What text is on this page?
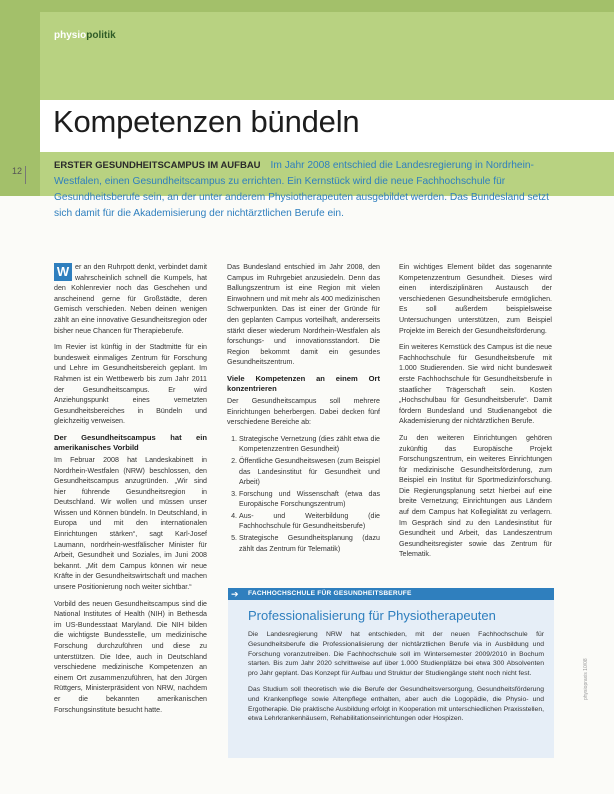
physiopolitik
Kompetenzen bündeln
12	ERSTER GESUNDHEITSCAMPUS IM AUFBAU Im Jahr 2008 entschied die Landesregierung in Nordrhein-Westfalen, einen Gesundheitscampus zu errichten. Ein Kernstück wird die neue Fachhochschule für Gesundheitsberufe sein, an der unter anderem Physiotherapeuten ausgebildet werden. Das Bundesland setzt sich damit für die Akademisierung der nichtärztlichen Berufe ein.

W er an den Ruhrpott denkt, verbindet damit wahrscheinlich schnell die Kumpels, hat den Kohlenrevier noch das Geschehen und anscheinend gerne für Großstädte, deren Gemisch verschieden. Neben deinen wenigen zählt an eine innovative Gesundheitsregion oder bisher neue Chancen für Therapieberufe.

Im Revier ist künftig in der Stadtmitte für ein bundesweit einmaliges Zentrum für Forschung und Lehre im Gesundheitsbereich geplant. Im Rahmen ist ein Wettbewerb bis zum Jahr 2011 der Gesundheitscampus. Er wird Anziehungspunkt eines vernetzten Gesundheitsbereiches in Bündeln und gleichzeitig verweisen.

Der Gesundheitscampus hat ein amerikanisches Vorbild

Im Februar 2008 hat Landeskabinett in Nordrhein-Westfalen (NRW) beschlossen, den Gesundheitscampus anzugründen. „Wir sind hier führende Gesundheitsregion in Deutschland. Wir wollen und müssen unser Wissen und Können bündeln. In Deutschland, in Europa und mit den internationalen Einrichtungen stärken“, sagt Karl-Josef Laumann, nordrhein-westfälischer Minister für Arbeit, Gesundheit und Soziales, im Juni 2008 bekannt. „Mit dem Campus können wir neue Kräfte in der Gesundheitswirtschaft und machen unsere Positionierung noch weiter sichtbar.“

Vorbild des neuen Gesundheitscampus sind die National Institutes of Health (NIH) in Bethesda im US-Bundesstaat Maryland. Die NIH bilden die wichtigste Bundesstelle, um medizinische Forschung durchzuführen und diese zu unterstützen. Die Idee, auch in Deutschland verschiedene medizinische Kompetenzen an einem Ort zusammenzuführen, hat den Jürgen Rüttgers, Ministerpräsident von NRW, nachdem er die bekannten amerikanischen Forschungsinstitute besucht hatte.

Das Bundesland entschied im Jahr 2008, den Campus im Ruhrgebiet anzusiedeln. Denn das Ballungszentrum ist eine Region mit vielen Einwohnern und mit mehr als 400 medizinischen Schwerpunkten. Das ist einer der Gründe für den geplanten Campus vorteilhaft, andererseits stärkt dieser wiederum Nordrhein-Westfalen als forschungs- und innovationsstandort. Die Region bekommt damit ein gesundes Gesundheitszentrum.

Viele Kompetenzen an einem Ort konzentrieren

Der Gesundheitscampus soll mehrere Einrichtungen beherbergen. Dabei decken fünf verschiedene Bereiche ab:

1. Strategische Vernetzung (dies zählt etwa die Kompetenzzentren Gesundheit)
2. Öffentliche Gesundheitswesen (zum Beispiel das Landesinstitut für Gesundheit und Arbeit)
3. Forschung und Wissenschaft (etwa das Europäische Forschungszentrum)
4. Aus- und Weiterbildung (die Fachhochschule für Gesundheitsberufe)
5. Strategische Gesundheitsplanung (dazu zählt das Zentrum für Telematik)

Ein wichtiges Element bildet das sogenannte Kompetenzzentrum Gesundheit. Dieses wird einen interdisziplinären Austausch der verschiedenen Gesundheitsberufe ermöglichen. Es soll außerdem beispielsweise Untersuchungen unterstützen, zum Beispiel Projekte im Bereich der Gesundheitsförderung.

Ein weiteres Kernstück des Campus ist die neue Fachhochschule für Gesundheitsberufe mit 1.000 Studierenden. Sie wird nicht bundesweit erste Fachhochschule für Gesundheitsberufe in staatlicher Trägerschaft sein. Kosten „Hochschulbau für Gesundheitsberufe“. Damit fördern Bundesland und Studienangebot die Akademisierung der nichtärztlichen Berufe.

Zu den weiteren Einrichtungen gehören zukünftig das Europäische Projekt Forschungszentrum, ein weiteres Einrichtungen für medizinische Gesundheitsförderung, zum Beispiel ein Institut für Sportmedizinforschung. Die Regierungsplanung setzt hierbei auf eine breite Vernetzung; Einrichtungen aus Ländern auf dem Campus hat Kollegialität zu verlagern. Im Gespräch sind zu den Landesinstitut für Gesundheit und Arbeit, das Landeszentrum Gesundheitsregister sowie das Zentrum für Telematik.

➔ FACHHOCHSCHULE FÜR GESUNDHEITSBERUFE
Professionalisierung für Physiotherapeuten

Die Landesregierung NRW hat entschieden, mit der neuen Fachhochschule für Gesundheitsberufe die Professionalisierung der nichtärztlichen Berufe via in Ausbildung und Forschung voranzutreiben. Die Fachhochschule soll im Wintersemester 2009/2010 in Bochum starten. Bis zum Jahr 2020 schrittweise auf über 1.000 Studienplätze bei etwa 300 Absolventen pro Jahr geplant. Das Konzept für Aufbau und Struktur der Studiengänge steht noch nicht fest.

Das Studium soll theoretisch wie die Berufe der Gesundheitsversorgung, Gesundheitsförderung und Krankenpflege sowie Altenpflege enthalten, aber auch die Logopädie, die Physio- und Ergotherapie. Die praktische Ausbildung erfolgt in Kooperation mit unterschiedlichen Praxisstellen, etwa Lehrkrankenhäusern, Rehabilitationseinrichtungen oder Hospizen.

physiopraxis 10/08
